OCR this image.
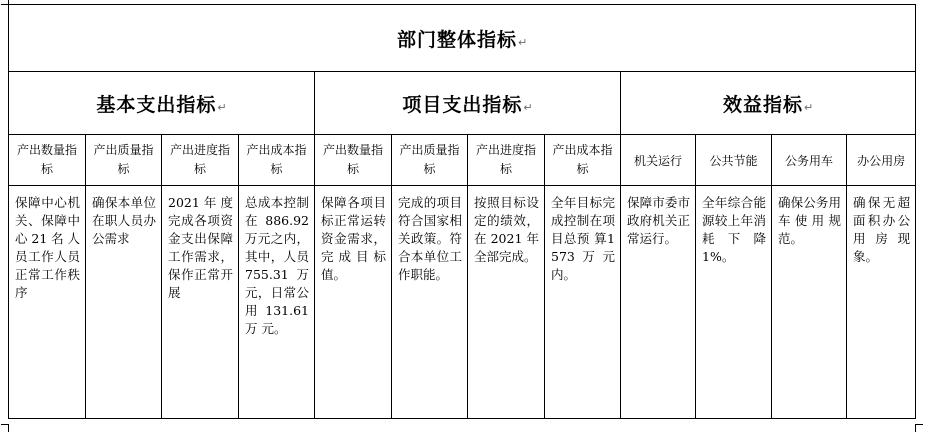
部门整体指标↵											
基本支出指标↵				项目支出指标↵				效益指标↵			
产出数量指标	产出质量指标	产出进度指标	产出成本指标	产出数量指标	产出质量指标	产出进度指标	产出成本指标	机关运行	公共节能	公务用车	办公用房

保障中心机关、保障中心21名人员工作人员正常工作秩序	确保本单位在职人员办公需求	2021年度完成各项资金支出保障工作需求，保作正常开展	总成本控制在886.92万元之内，其中，人员755.31万元，日常公用131.61万 元。	保障各项目标正常运转资金需求，完成目标值。	完成的项目符合国家相关政策。符合本单位工作职能。	按照目标设定的绩效，在2021年全部完成。	全年目标完成控制在项目总预 算1573万元内。	保障市委市政府机关正常运行。	全年综合能源较上年消耗下降1%。	确保公务用车使用规范。	确保无超面积办公用房现象。
